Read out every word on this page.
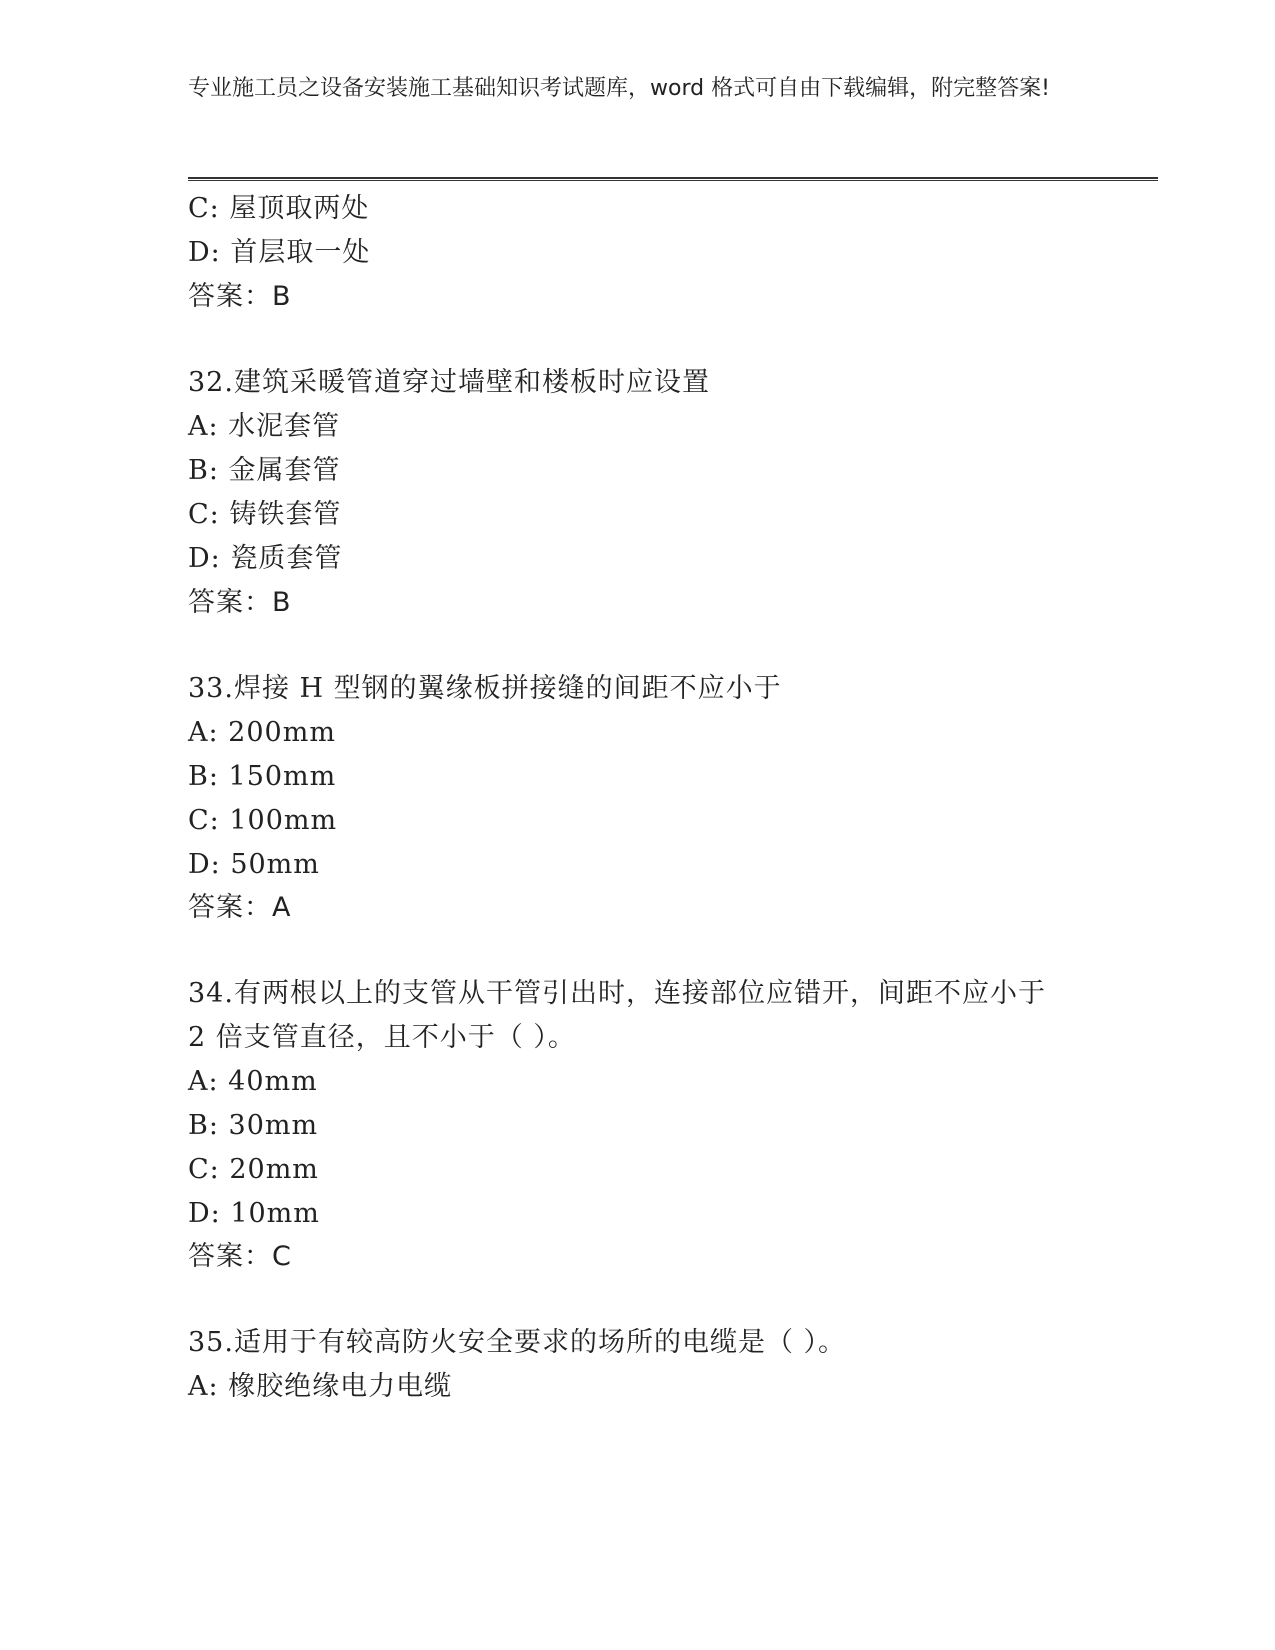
专业施工员之设备安装施工基础知识考试题库，word 格式可自由下载编辑，附完整答案!
C: 屋顶取两处
D: 首层取一处
答案：B
32.建筑采暖管道穿过墙壁和楼板时应设置
A: 水泥套管
B: 金属套管
C: 铸铁套管
D: 瓷质套管
答案：B
33.焊接 H 型钢的翼缘板拼接缝的间距不应小于
A: 200mm
B: 150mm
C: 100mm
D: 50mm
答案：A
34.有两根以上的支管从干管引出时，连接部位应错开，间距不应小于
2 倍支管直径，且不小于（ ）。
A: 40mm
B: 30mm
C: 20mm
D: 10mm
答案：C
35.适用于有较高防火安全要求的场所的电缆是（ ）。
A: 橡胶绝缘电力电缆
